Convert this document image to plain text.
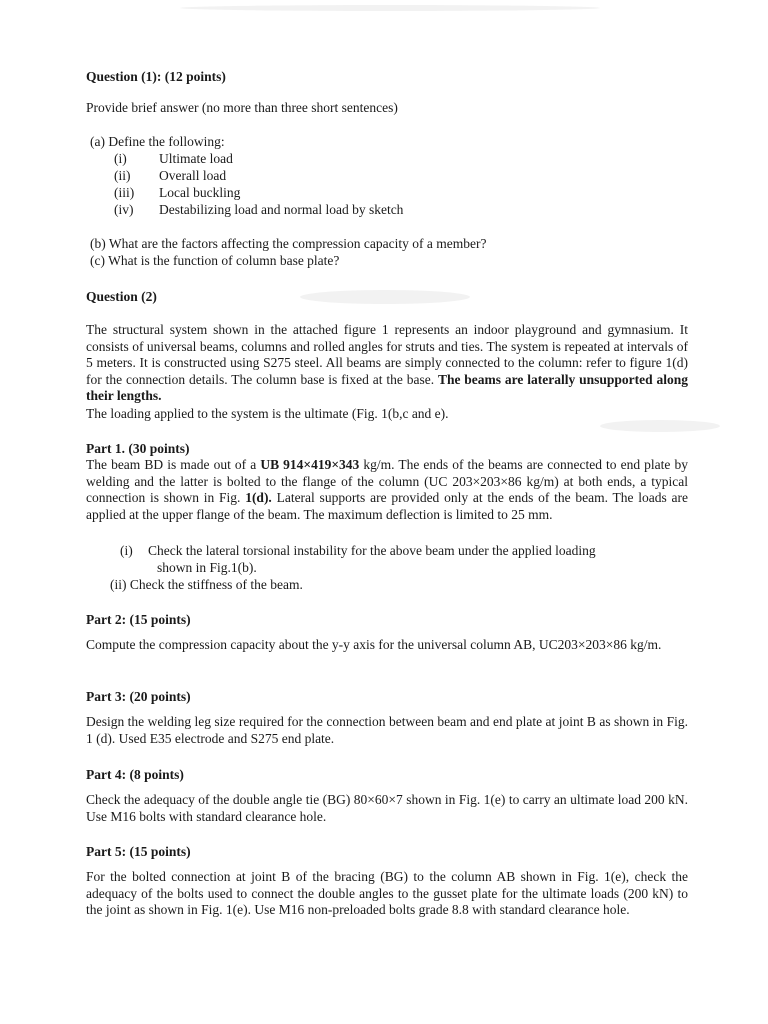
Question (1): (12 points)

Provide brief answer (no more than three short sentences)

(a) Define the following:

(i) Ultimate load
(ii) Overall load
(iii) Local buckling
(iv) Destabilizing load and normal load by sketch

(b) What are the factors affecting the compression capacity of a member?

(c) What is the function of column base plate?

Question (2)

The structural system shown in the attached figure 1 represents an indoor playground and gymnasium. It consists of universal beams, columns and rolled angles for struts and ties. The system is repeated at intervals of 5 meters. It is constructed using S275 steel. All beams are simply connected to the column: refer to figure 1(d) for the connection details. The column base is fixed at the base. The beams are laterally unsupported along their lengths.

The loading applied to the system is the ultimate (Fig. 1(b,c and e).

Part 1. (30 points)

The beam BD is made out of a UB 914×419×343 kg/m. The ends of the beams are connected to end plate by welding and the latter is bolted to the flange of the column (UC 203×203×86 kg/m) at both ends, a typical connection is shown in Fig. 1(d). Lateral supports are provided only at the ends of the beam. The loads are applied at the upper flange of the beam. The maximum deflection is limited to 25 mm.

(i) Check the lateral torsional instability for the above beam under the applied loading

shown in Fig.1(b).

(ii) Check the stiffness of the beam.

Part 2: (15 points)

Compute the compression capacity about the y-y axis for the universal column AB, UC203×203×86 kg/m.

Part 3: (20 points)

Design the welding leg size required for the connection between beam and end plate at joint B as shown in Fig. 1 (d). Used E35 electrode and S275 end plate.

Part 4: (8 points)

Check the adequacy of the double angle tie (BG) 80×60×7 shown in Fig. 1(e) to carry an ultimate load 200 kN. Use M16 bolts with standard clearance hole.

Part 5: (15 points)

For the bolted connection at joint B of the bracing (BG) to the column AB shown in Fig. 1(e), check the adequacy of the bolts used to connect the double angles to the gusset plate for the ultimate loads (200 kN) to the joint as shown in Fig. 1(e). Use M16 non-preloaded bolts grade 8.8 with standard clearance hole.
